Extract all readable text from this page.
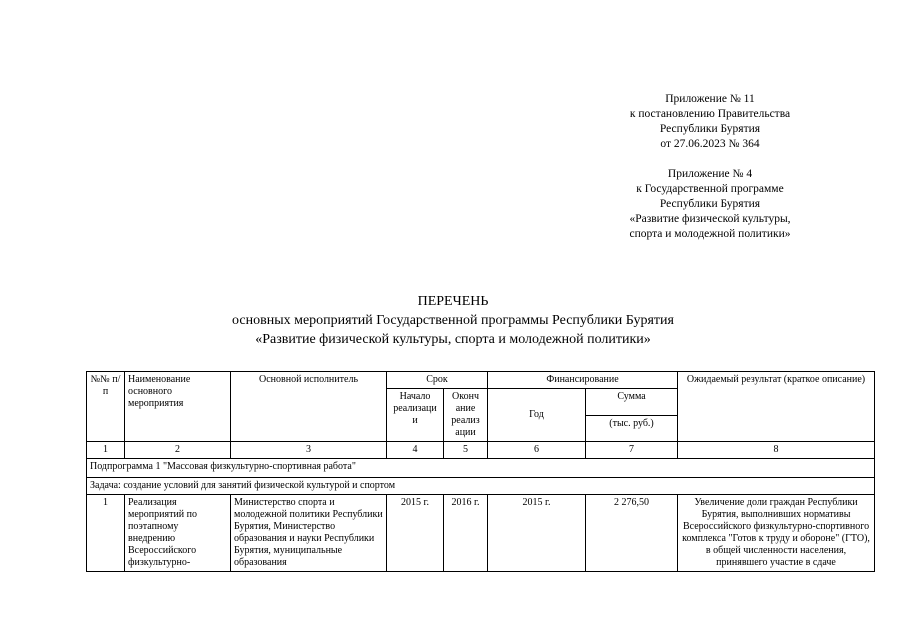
Приложение № 11

к постановлению Правительства

Республики Бурятия

от 27.06.2023 № 364

Приложение № 4

к Государственной программе

Республики Бурятия

«Развитие физической культуры,

спорта и молодежной политики»

ПЕРЕЧЕНЬ
основных мероприятий Государственной программы Республики Бурятия
«Развитие физической культуры, спорта и молодежной политики»
№№ п/п	Наименование основного мероприятия	Основной исполнитель	Срок		Финансирование		Ожидаемый результат (краткое описание)
			Начало реализаци и	Оконч ание реализ ации	Год	Сумма	
						(тыс. руб.)	
1	2	3	4	5	6	7	8
Подпрограмма 1 "Массовая физкультурно-спортивная работа"							
Задача: создание условий для занятий физической культурой и спортом							
1	Реализация мероприятий по поэтапному внедрению Всероссийского физкультурно-	Министерство спорта и молодежной политики Республики Бурятия, Министерство образования и науки Республики Бурятия, муниципальные образования	2015 г.	2016 г.	2015 г.	2 276,50	Увеличение доли граждан Республики Бурятия, выполнивших нормативы Всероссийского физкультурно-спортивного комплекса "Готов к труду и обороне" (ГТО), в общей численности населения, принявшего участие в сдаче
